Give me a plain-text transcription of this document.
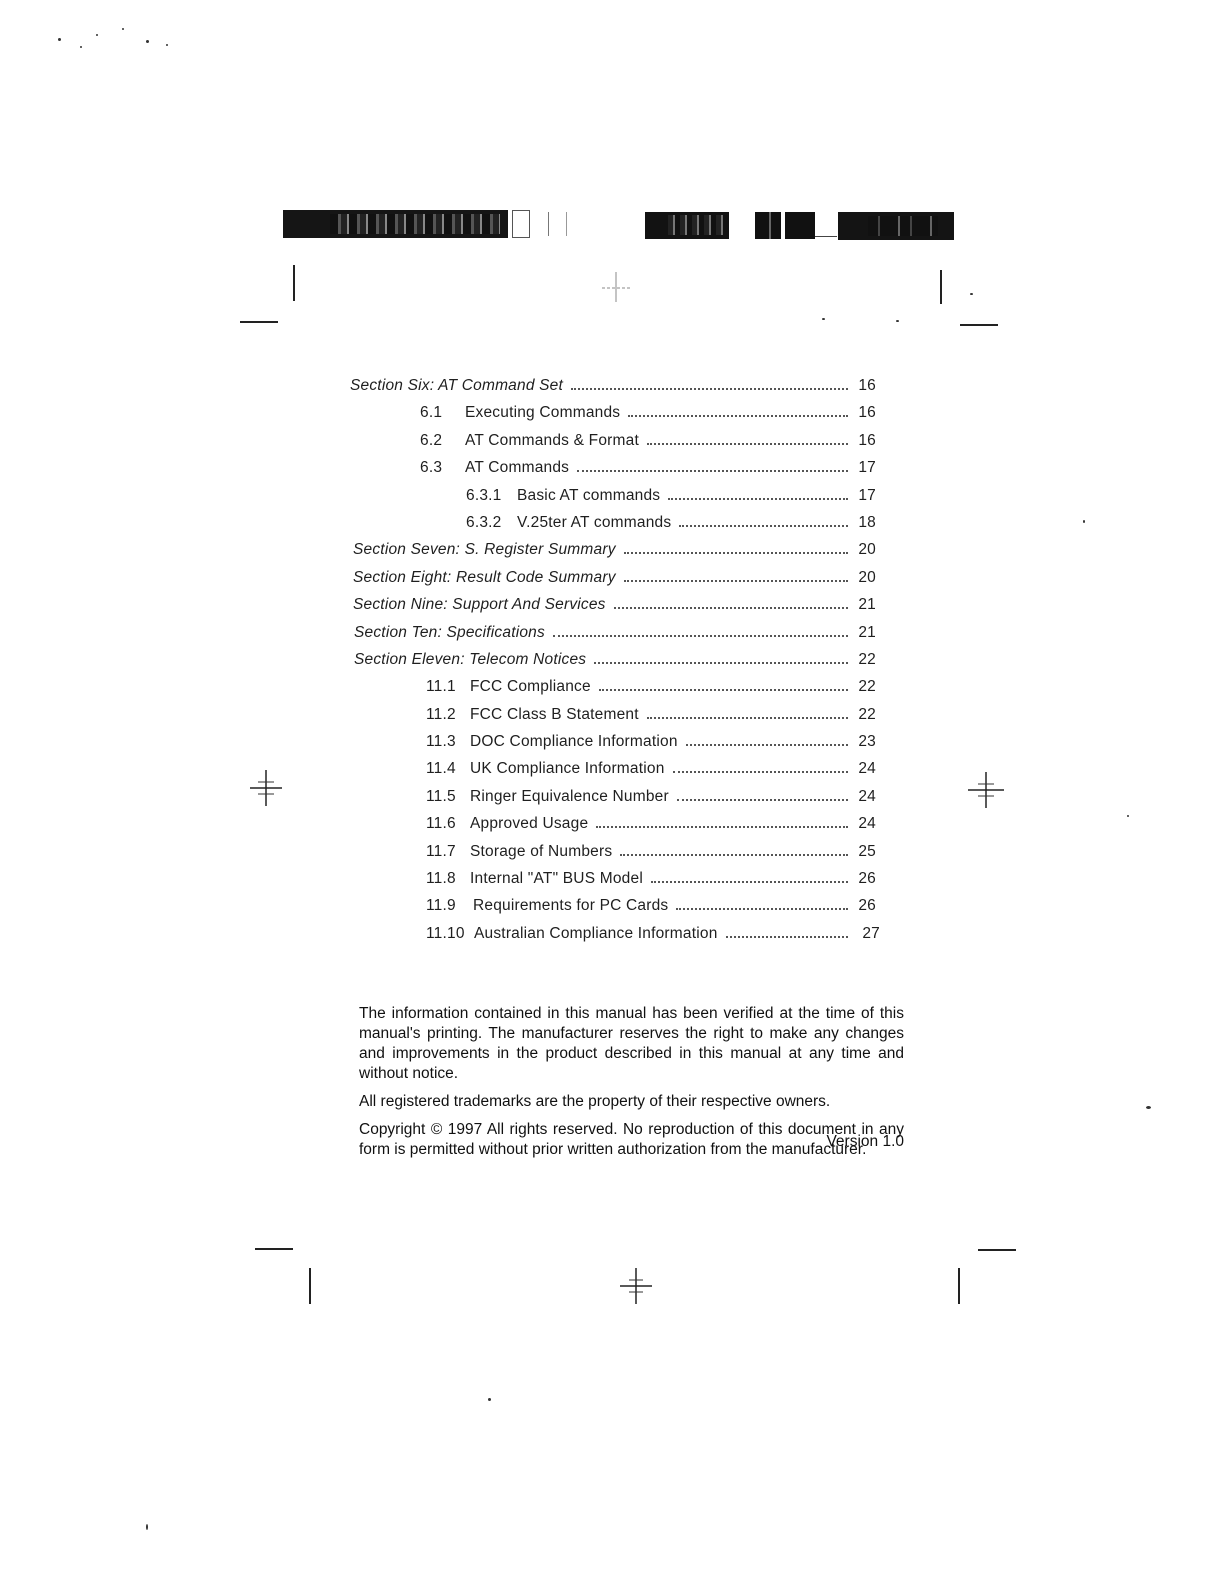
Section Six: AT Command Set	16
6.1 Executing Commands	16
6.2 AT Commands & Format	16
6.3 AT Commands	17
6.3.1 Basic AT commands	17
6.3.2 V.25ter AT commands	18
Section Seven: S. Register Summary	20
Section Eight: Result Code Summary	20
Section Nine: Support And Services	21
Section Ten: Specifications	21
Section Eleven: Telecom Notices	22
11.1 FCC Compliance	22
11.2 FCC Class B Statement	22
11.3 DOC Compliance Information	23
11.4 UK Compliance Information	24
11.5 Ringer Equivalence Number	24
11.6 Approved Usage	24
11.7 Storage of Numbers	25
11.8 Internal "AT" BUS Model	26
11.9 Requirements for PC Cards	26
11.10 Australian Compliance Information	27

The information contained in this manual has been verified at the time of this manual's printing. The manufacturer reserves the right to make any changes and improvements in the product described in this manual at any time and without notice.

All registered trademarks are the property of their respective owners.

Copyright © 1997 All rights reserved. No reproduction of this document in any form is permitted without prior written authorization from the manufacturer.

Version 1.0
